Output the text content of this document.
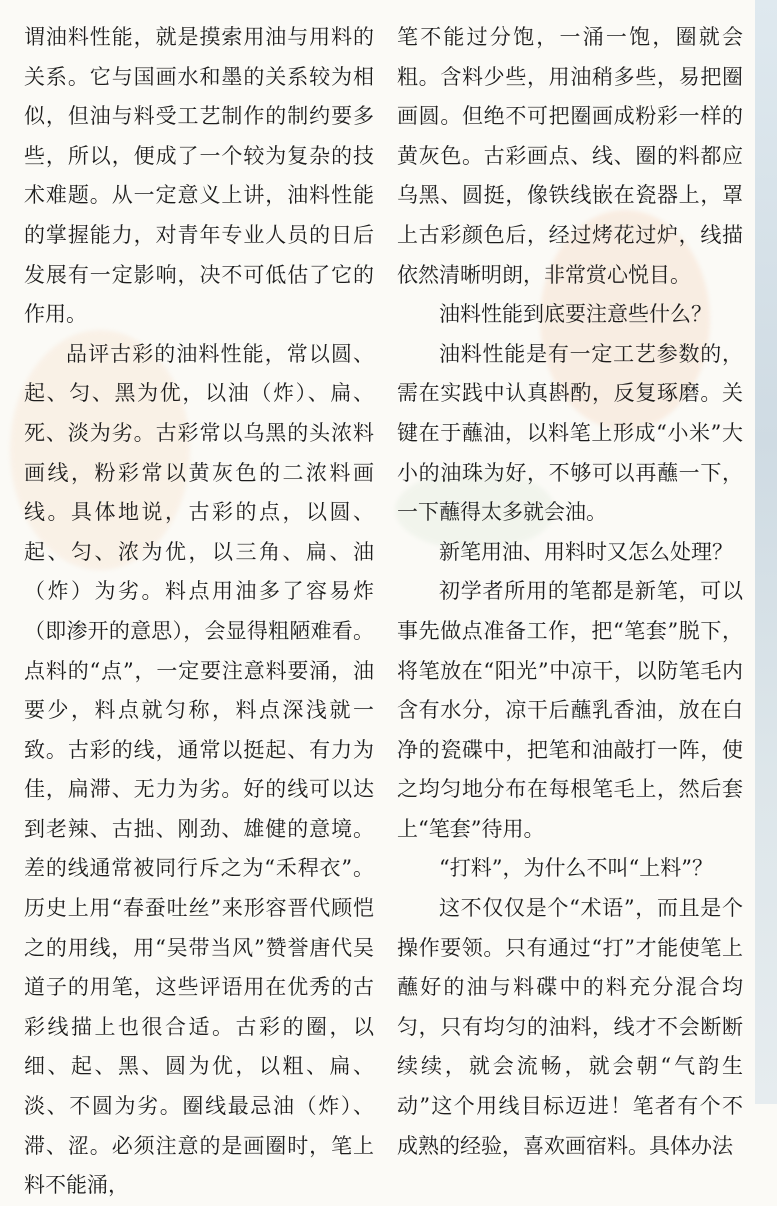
谓油料性能，就是摸索用油与用料的关系。它与国画水和墨的关系较为相似，但油与料受工艺制作的制约要多些，所以，便成了一个较为复杂的技术难题。从一定意义上讲，油料性能的掌握能力，对青年专业人员的日后发展有一定影响，决不可低估了它的作用。

品评古彩的油料性能，常以圆、起、匀、黑为优，以油（炸）、扁、死、淡为劣。古彩常以乌黑的头浓料画线，粉彩常以黄灰色的二浓料画线。具体地说，古彩的点，以圆、起、匀、浓为优，以三角、扁、油（炸）为劣。料点用油多了容易炸（即渗开的意思），会显得粗陋难看。点料的“点”，一定要注意料要涌，油要少，料点就匀称，料点深浅就一致。古彩的线，通常以挺起、有力为佳，扁滞、无力为劣。好的线可以达到老辣、古拙、刚劲、雄健的意境。差的线通常被同行斥之为“禾稈衣”。历史上用“春蚕吐丝”来形容晋代顾恺之的用线，用“吴带当风”赞誉唐代吴道子的用笔，这些评语用在优秀的古彩线描上也很合适。古彩的圈，以细、起、黑、圆为优，以粗、扁、淡、不圆为劣。圈线最忌油（炸）、滞、涩。必须注意的是画圈时，笔上料不能涌，

笔不能过分饱，一涌一饱，圈就会粗。含料少些，用油稍多些，易把圈画圆。但绝不可把圈画成粉彩一样的黄灰色。古彩画点、线、圈的料都应乌黑、圆挺，像铁线嵌在瓷器上，罩上古彩颜色后，经过烤花过炉，线描依然清晰明朗，非常赏心悦目。

油料性能到底要注意些什么？

油料性能是有一定工艺参数的，需在实践中认真斟酌，反复琢磨。关键在于蘸油，以料笔上形成“小米”大小的油珠为好，不够可以再蘸一下，一下蘸得太多就会油。

新笔用油、用料时又怎么处理？

初学者所用的笔都是新笔，可以事先做点准备工作，把“笔套”脱下，将笔放在“阳光”中凉干，以防笔毛内含有水分，凉干后蘸乳香油，放在白净的瓷碟中，把笔和油敲打一阵，使之均匀地分布在每根笔毛上，然后套上“笔套”待用。

“打料”，为什么不叫“上料”？

这不仅仅是个“术语”，而且是个操作要领。只有通过“打”才能使笔上蘸好的油与料碟中的料充分混合均匀，只有均匀的油料，线才不会断断续续，就会流畅，就会朝“气韵生动”这个用线目标迈进！笔者有个不成熟的经验，喜欢画宿料。具体办法
